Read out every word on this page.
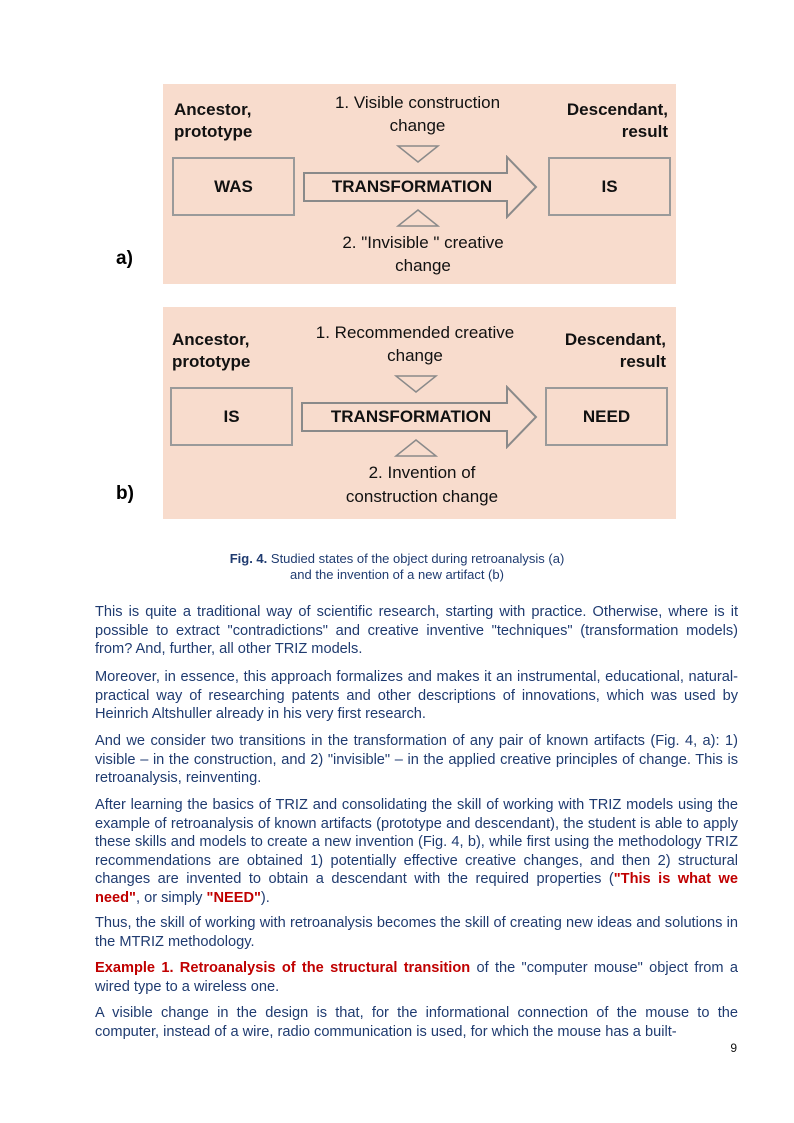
a)
Ancestor,
prototype
Descendant,
result
1. Visible construction
change
WAS	TRANSFORMATION	IS
2. "Invisible " creative
change
b)
Ancestor,
prototype
Descendant,
result
1. Recommended creative
change
IS	TRANSFORMATION	NEED
2. Invention of
construction change
Fig. 4. Studied states of the object during retroanalysis (a)
and the invention of a new artifact (b)
This is quite a traditional way of scientific research, starting with practice. Otherwise, where is it possible to extract "contradictions" and creative inventive "techniques" (transformation models) from? And, further, all other TRIZ models.
Moreover, in essence, this approach formalizes and makes it an instrumental, educational, natural-practical way of researching patents and other descriptions of innovations, which was used by Heinrich Altshuller already in his very first research.
And we consider two transitions in the transformation of any pair of known artifacts (Fig. 4, a): 1) visible – in the construction, and 2) "invisible" – in the applied creative principles of change. This is retroanalysis, reinventing.
After learning the basics of TRIZ and consolidating the skill of working with TRIZ models using the example of retroanalysis of known artifacts (prototype and descendant), the student is able to apply these skills and models to create a new invention (Fig. 4, b), while first using the methodology TRIZ recommendations are obtained 1) potentially effective creative changes, and then 2) structural changes are invented to obtain a descendant with the required properties ("This is what we need", or simply "NEED").
Thus, the skill of working with retroanalysis becomes the skill of creating new ideas and solutions in the MTRIZ methodology.
Example 1. Retroanalysis of the structural transition of the "computer mouse" object from a wired type to a wireless one.
A visible change in the design is that, for the informational connection of the mouse to the computer, instead of a wire, radio communication is used, for which the mouse has a built-
9
